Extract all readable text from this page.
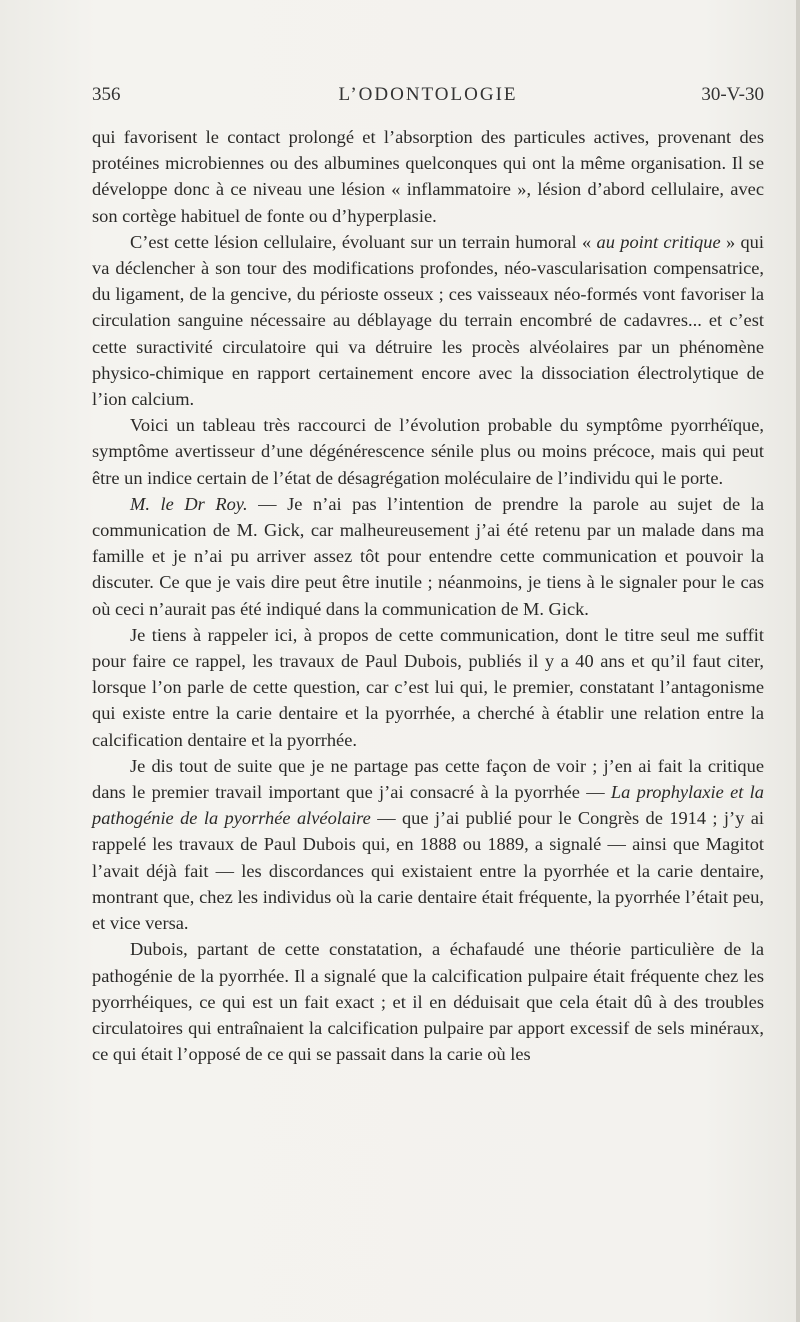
356	L’ODONTOLOGIE	30-V-30

qui favorisent le contact prolongé et l’absorption des particules actives, provenant des protéines microbiennes ou des albumines quelconques qui ont la même organisation. Il se développe donc à ce niveau une lésion « inflammatoire », lésion d’abord cellulaire, avec son cortège habituel de fonte ou d’hyperplasie.

C’est cette lésion cellulaire, évoluant sur un terrain humoral « au point critique » qui va déclencher à son tour des modifications profondes, néo-vascularisation compensatrice, du ligament, de la gencive, du périoste osseux ; ces vaisseaux néo-formés vont favoriser la circulation sanguine nécessaire au déblayage du terrain encombré de cadavres... et c’est cette suractivité circulatoire qui va détruire les procès alvéolaires par un phénomène physico-chimique en rapport certainement encore avec la dissociation électrolytique de l’ion calcium.

Voici un tableau très raccourci de l’évolution probable du symptôme pyorrhéïque, symptôme avertisseur d’une dégénérescence sénile plus ou moins précoce, mais qui peut être un indice certain de l’état de désagrégation moléculaire de l’individu qui le porte.

M. le Dr Roy. — Je n’ai pas l’intention de prendre la parole au sujet de la communication de M. Gick, car malheureusement j’ai été retenu par un malade dans ma famille et je n’ai pu arriver assez tôt pour entendre cette communication et pouvoir la discuter. Ce que je vais dire peut être inutile ; néanmoins, je tiens à le signaler pour le cas où ceci n’aurait pas été indiqué dans la communication de M. Gick.

Je tiens à rappeler ici, à propos de cette communication, dont le titre seul me suffit pour faire ce rappel, les travaux de Paul Dubois, publiés il y a 40 ans et qu’il faut citer, lorsque l’on parle de cette question, car c’est lui qui, le premier, constatant l’antagonisme qui existe entre la carie dentaire et la pyorrhée, a cherché à établir une relation entre la calcification dentaire et la pyorrhée.

Je dis tout de suite que je ne partage pas cette façon de voir ; j’en ai fait la critique dans le premier travail important que j’ai consacré à la pyorrhée — La prophylaxie et la pathogénie de la pyorrhée alvéolaire — que j’ai publié pour le Congrès de 1914 ; j’y ai rappelé les travaux de Paul Dubois qui, en 1888 ou 1889, a signalé — ainsi que Magitot l’avait déjà fait — les discordances qui existaient entre la pyorrhée et la carie dentaire, montrant que, chez les individus où la carie dentaire était fréquente, la pyorrhée l’était peu, et vice versa.

Dubois, partant de cette constatation, a échafaudé une théorie particulière de la pathogénie de la pyorrhée. Il a signalé que la calcification pulpaire était fréquente chez les pyorrhéiques, ce qui est un fait exact ; et il en déduisait que cela était dû à des troubles circulatoires qui entraînaient la calcification pulpaire par apport excessif de sels minéraux, ce qui était l’opposé de ce qui se passait dans la carie où les
